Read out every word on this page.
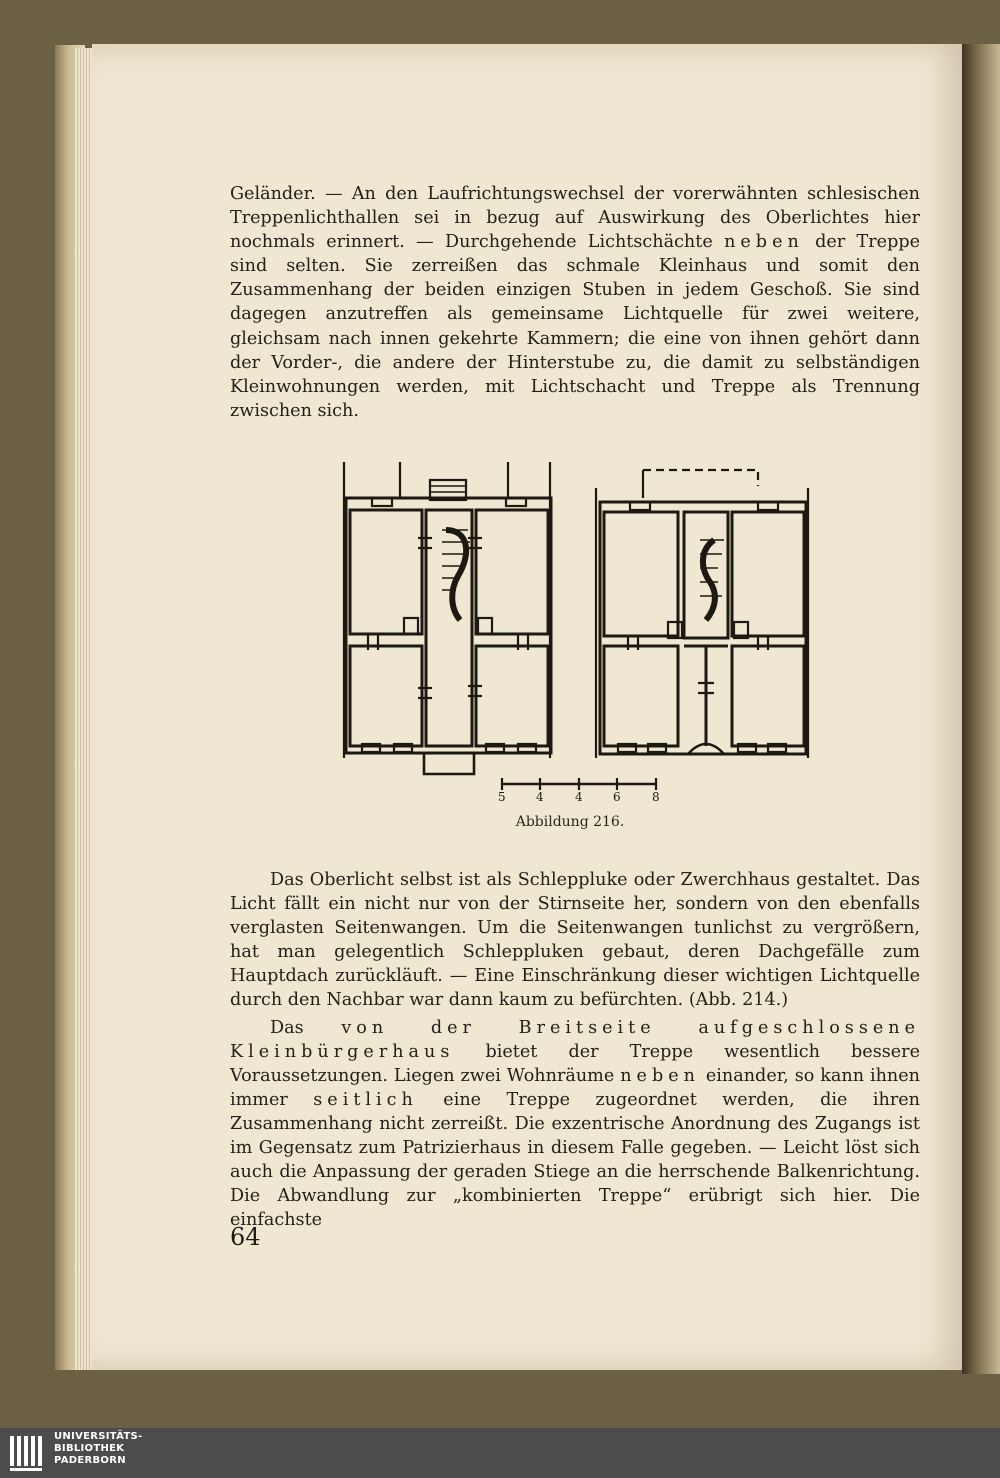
Geländer. — An den Laufrichtungswechsel der vorerwähnten schlesischen Treppenlichthallen sei in bezug auf Auswirkung des Oberlichtes hier nochmals erinnert. — Durchgehende Lichtschächte neben der Treppe sind selten. Sie zerreißen das schmale Kleinhaus und somit den Zusammenhang der beiden einzigen Stuben in jedem Geschoß. Sie sind dagegen anzutreffen als gemeinsame Lichtquelle für zwei weitere, gleichsam nach innen gekehrte Kammern; die eine von ihnen gehört dann der Vorder-, die andere der Hinterstube zu, die damit zu selbständigen Kleinwohnungen werden, mit Lichtschacht und Treppe als Trennung zwischen sich.

5	4	4	6	8
Abbildung 216.

Das Oberlicht selbst ist als Schleppluke oder Zwerchhaus gestaltet. Das Licht fällt ein nicht nur von der Stirnseite her, sondern von den ebenfalls verglasten Seitenwangen. Um die Seitenwangen tunlichst zu vergrößern, hat man gelegentlich Schleppluken gebaut, deren Dachgefälle zum Hauptdach zurückläuft. — Eine Einschränkung dieser wichtigen Lichtquelle durch den Nachbar war dann kaum zu befürchten. (Abb. 214.)

Das von der Breitseite aufgeschlossene Kleinbürgerhaus bietet der Treppe wesentlich bessere Voraussetzungen. Liegen zwei Wohnräume neben einander, so kann ihnen immer seitlich eine Treppe zugeordnet werden, die ihren Zusammenhang nicht zerreißt. Die exzentrische Anordnung des Zugangs ist im Gegensatz zum Patrizierhaus in diesem Falle gegeben. — Leicht löst sich auch die Anpassung der geraden Stiege an die herrschende Balkenrichtung. Die Abwandlung zur „kombinierten Treppe“ erübrigt sich hier. Die einfachste

64
UNIVERSITÄTS-
BIBLIOTHEK
PADERBORN
